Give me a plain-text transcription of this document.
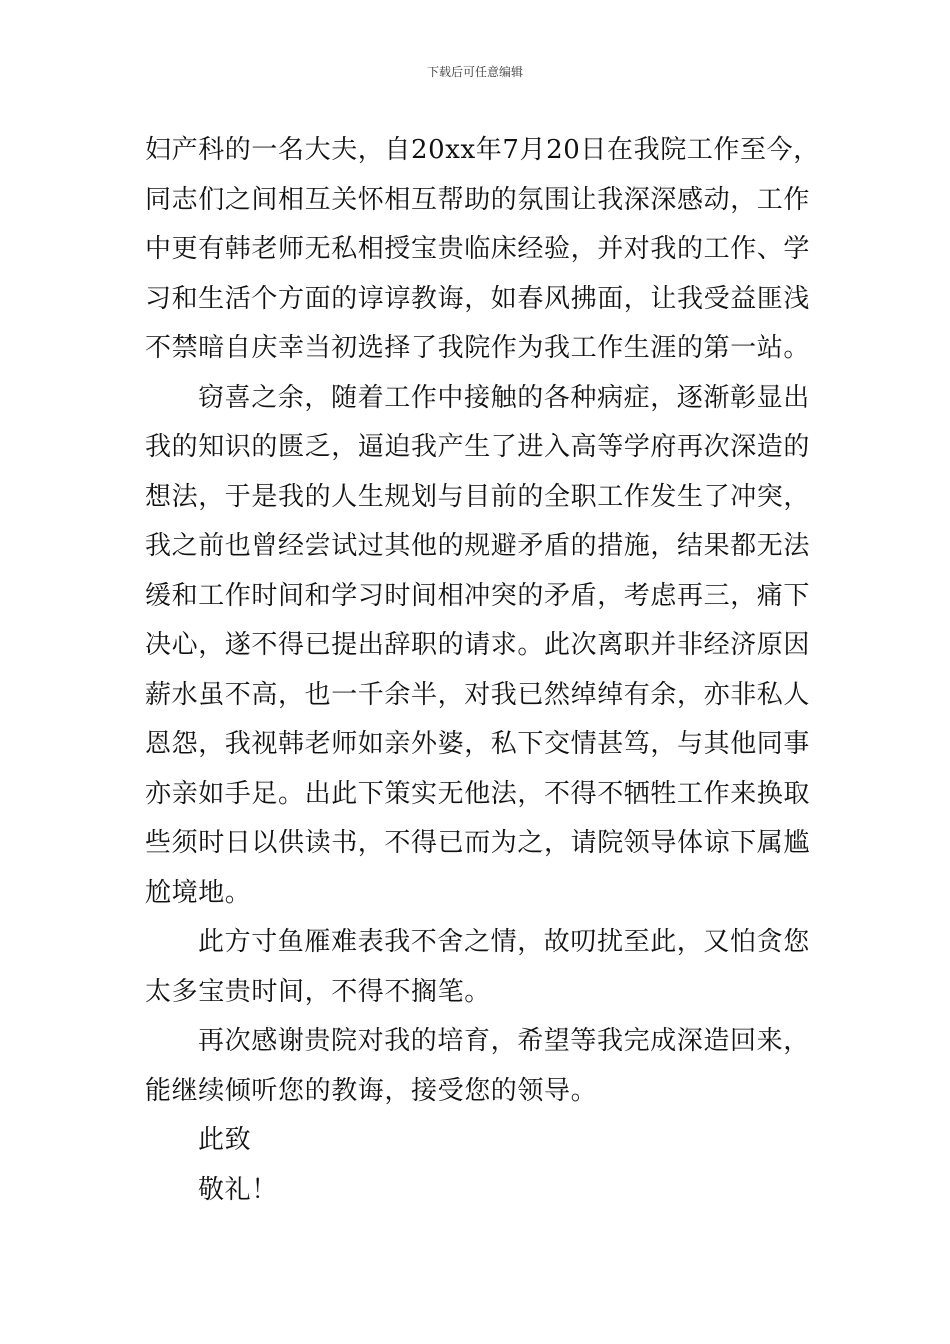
下载后可任意编辑
妇产科的一名大夫，自20xx年7月20日在我院工作至今，
同志们之间相互关怀相互帮助的氛围让我深深感动，工作
中更有韩老师无私相授宝贵临床经验，并对我的工作、学
习和生活个方面的谆谆教诲，如春风拂面，让我受益匪浅
不禁暗自庆幸当初选择了我院作为我工作生涯的第一站。
窃喜之余，随着工作中接触的各种病症，逐渐彰显出
我的知识的匮乏，逼迫我产生了进入高等学府再次深造的
想法，于是我的人生规划与目前的全职工作发生了冲突，
我之前也曾经尝试过其他的规避矛盾的措施，结果都无法
缓和工作时间和学习时间相冲突的矛盾，考虑再三，痛下
决心，遂不得已提出辞职的请求。此次离职并非经济原因
薪水虽不高，也一千余半，对我已然绰绰有余，亦非私人
恩怨，我视韩老师如亲外婆，私下交情甚笃，与其他同事
亦亲如手足。出此下策实无他法，不得不牺牲工作来换取
些须时日以供读书，不得已而为之，请院领导体谅下属尴
尬境地。
此方寸鱼雁难表我不舍之情，故叨扰至此，又怕贪您
太多宝贵时间，不得不搁笔。
再次感谢贵院对我的培育，希望等我完成深造回来，
能继续倾听您的教诲，接受您的领导。
此致
敬礼！
